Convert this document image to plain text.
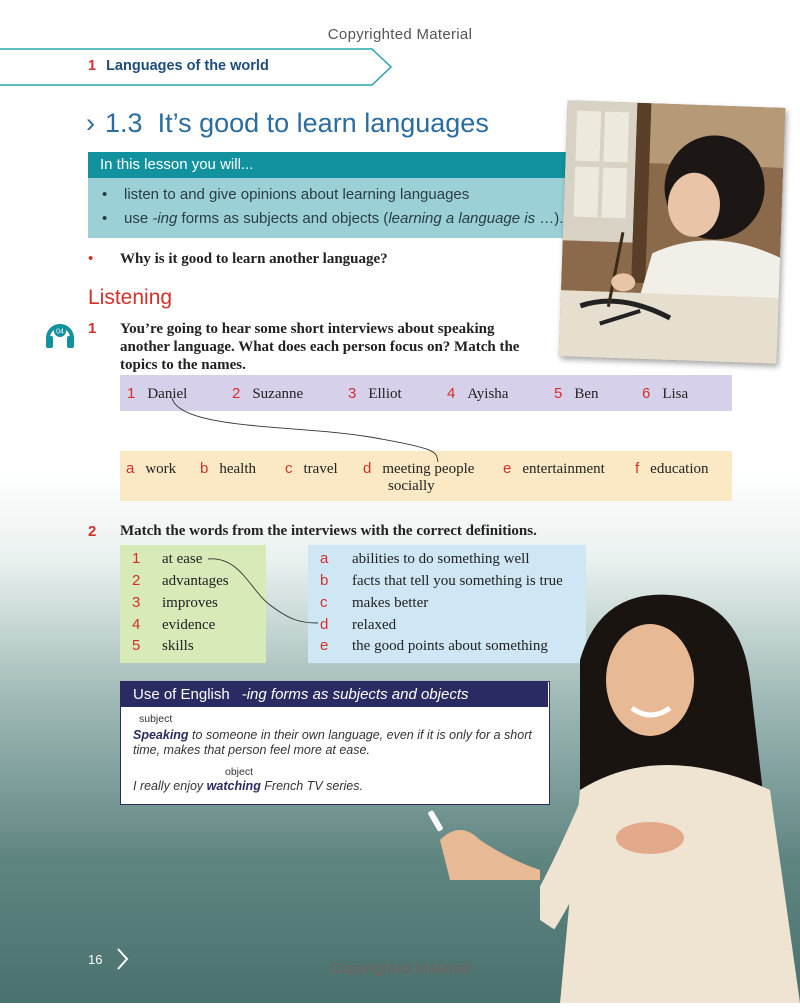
Copyrighted Material
1 Languages of the world
› 1.3 It’s good to learn languages
In this lesson you will...
• listen to and give opinions about learning languages
• use -ing forms as subjects and objects (learning a language is …).
• Why is it good to learn another language?
Listening
04 1 You’re going to hear some short interviews about speaking another language. What does each person focus on? Match the topics to the names.
1 Daniel	2 Suzanne	3 Elliot	4 Ayisha	5 Ben	6 Lisa
a work b health c travel d meeting people
socially
e entertainment f education
2 Match the words from the interviews with the correct definitions.
1 at ease
2 advantages
3 improves
4 evidence
5 skills
a abilities to do something well
b facts that tell you something is true
c makes better
d relaxed
e the good points about something
Use of English -ing forms as subjects and objects
subject
Speaking to someone in their own language, even if it is only for a short time, makes that person feel more at ease.
object
I really enjoy watching French TV series.
16
Copyrighted Material
